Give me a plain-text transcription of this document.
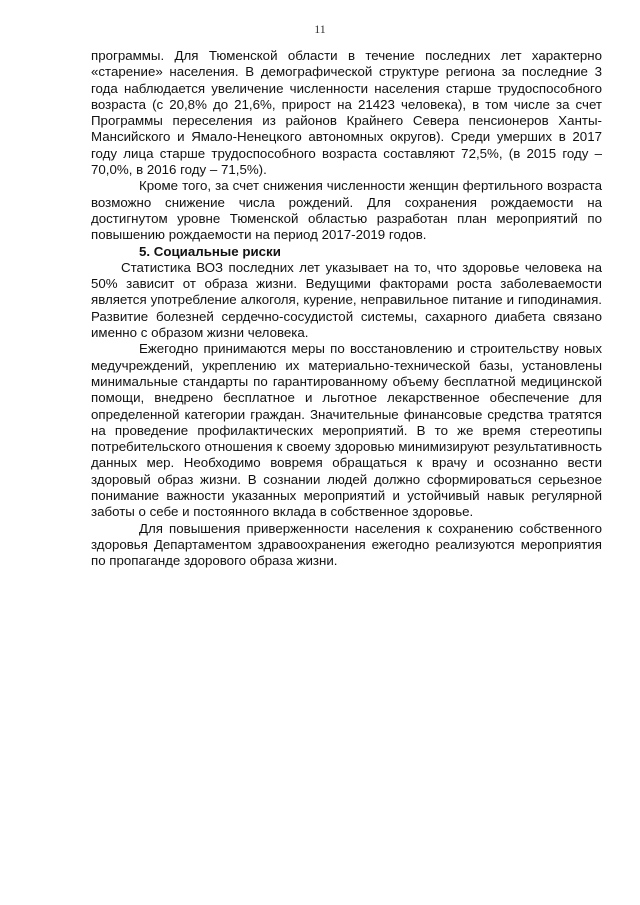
11

программы. Для Тюменской области в течение последних лет характерно «старение» населения. В демографической структуре региона за последние 3 года наблюдается увеличение численности населения старше трудоспособного возраста (с 20,8% до 21,6%, прирост на 21423 человека), в том числе за счет Программы переселения из районов Крайнего Севера пенсионеров Ханты-Мансийского и Ямало-Ненецкого автономных округов). Среди умерших в 2017 году лица старше трудоспособного возраста составляют 72,5%, (в 2015 году – 70,0%, в 2016 году – 71,5%).

Кроме того, за счет снижения численности женщин фертильного возраста возможно снижение числа рождений. Для сохранения рождаемости на достигнутом уровне Тюменской областью разработан план мероприятий по повышению рождаемости на период 2017-2019 годов.

5. Социальные риски

Статистика ВОЗ последних лет указывает на то, что здоровье человека на 50% зависит от образа жизни. Ведущими факторами роста заболеваемости является употребление алкоголя, курение, неправильное питание и гиподинамия. Развитие болезней сердечно-сосудистой системы, сахарного диабета связано именно с образом жизни человека.

Ежегодно принимаются меры по восстановлению и строительству новых медучреждений, укреплению их материально-технической базы, установлены минимальные стандарты по гарантированному объему бесплатной медицинской помощи, внедрено бесплатное и льготное лекарственное обеспечение для определенной категории граждан. Значительные финансовые средства тратятся на проведение профилактических мероприятий. В то же время стереотипы потребительского отношения к своему здоровью минимизируют результативность данных мер. Необходимо вовремя обращаться к врачу и осознанно вести здоровый образ жизни. В сознании людей должно сформироваться серьезное понимание важности указанных мероприятий и устойчивый навык регулярной заботы о себе и постоянного вклада в собственное здоровье.

Для повышения приверженности населения к сохранению собственного здоровья Департаментом здравоохранения ежегодно реализуются мероприятия по пропаганде здорового образа жизни.
